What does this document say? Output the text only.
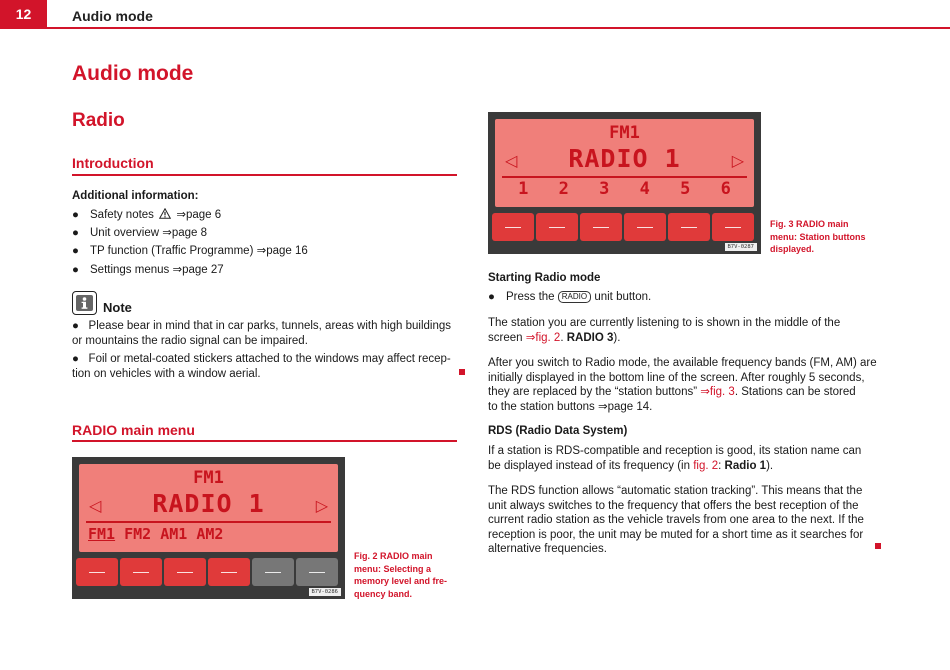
12	Audio mode
Audio mode
Radio
Introduction
Additional information:
● Safety notes ⇒page 6
● Unit overview ⇒page 8
● TP function (Traffic Programme) ⇒page 16
● Settings menus ⇒page 27
Note
● Please bear in mind that in car parks, tunnels, areas with high buildings
or mountains the radio signal can be impaired.
● Foil or metal-coated stickers attached to the windows may affect recep-
tion on vehicles with a window aerial.
RADIO main menu
FM1
◁	RADIO 1	▷
FM1 FM2 AM1 AM2
B7V-0286
Fig. 2 RADIO main
menu: Selecting a
memory level and fre-
quency band.
FM1
◁	RADIO 1	▷
1	2	3	4	5	6
B7V-0287
Fig. 3 RADIO main
menu: Station buttons
displayed.
Starting Radio mode
● Press the RADIO unit button.
The station you are currently listening to is shown in the middle of the
screen ⇒fig. 2. RADIO 3).
After you switch to Radio mode, the available frequency bands (FM, AM) are
initially displayed in the bottom line of the screen. After roughly 5 seconds,
they are replaced by the “station buttons” ⇒fig. 3. Stations can be stored
to the station buttons ⇒page 14.
RDS (Radio Data System)
If a station is RDS-compatible and reception is good, its station name can
be displayed instead of its frequency (in fig. 2: Radio 1).
The RDS function allows “automatic station tracking”. This means that the
unit always switches to the frequency that offers the best reception of the
current radio station as the vehicle travels from one area to the next. If the
reception is poor, the unit may be muted for a short time as it searches for
alternative frequencies.
